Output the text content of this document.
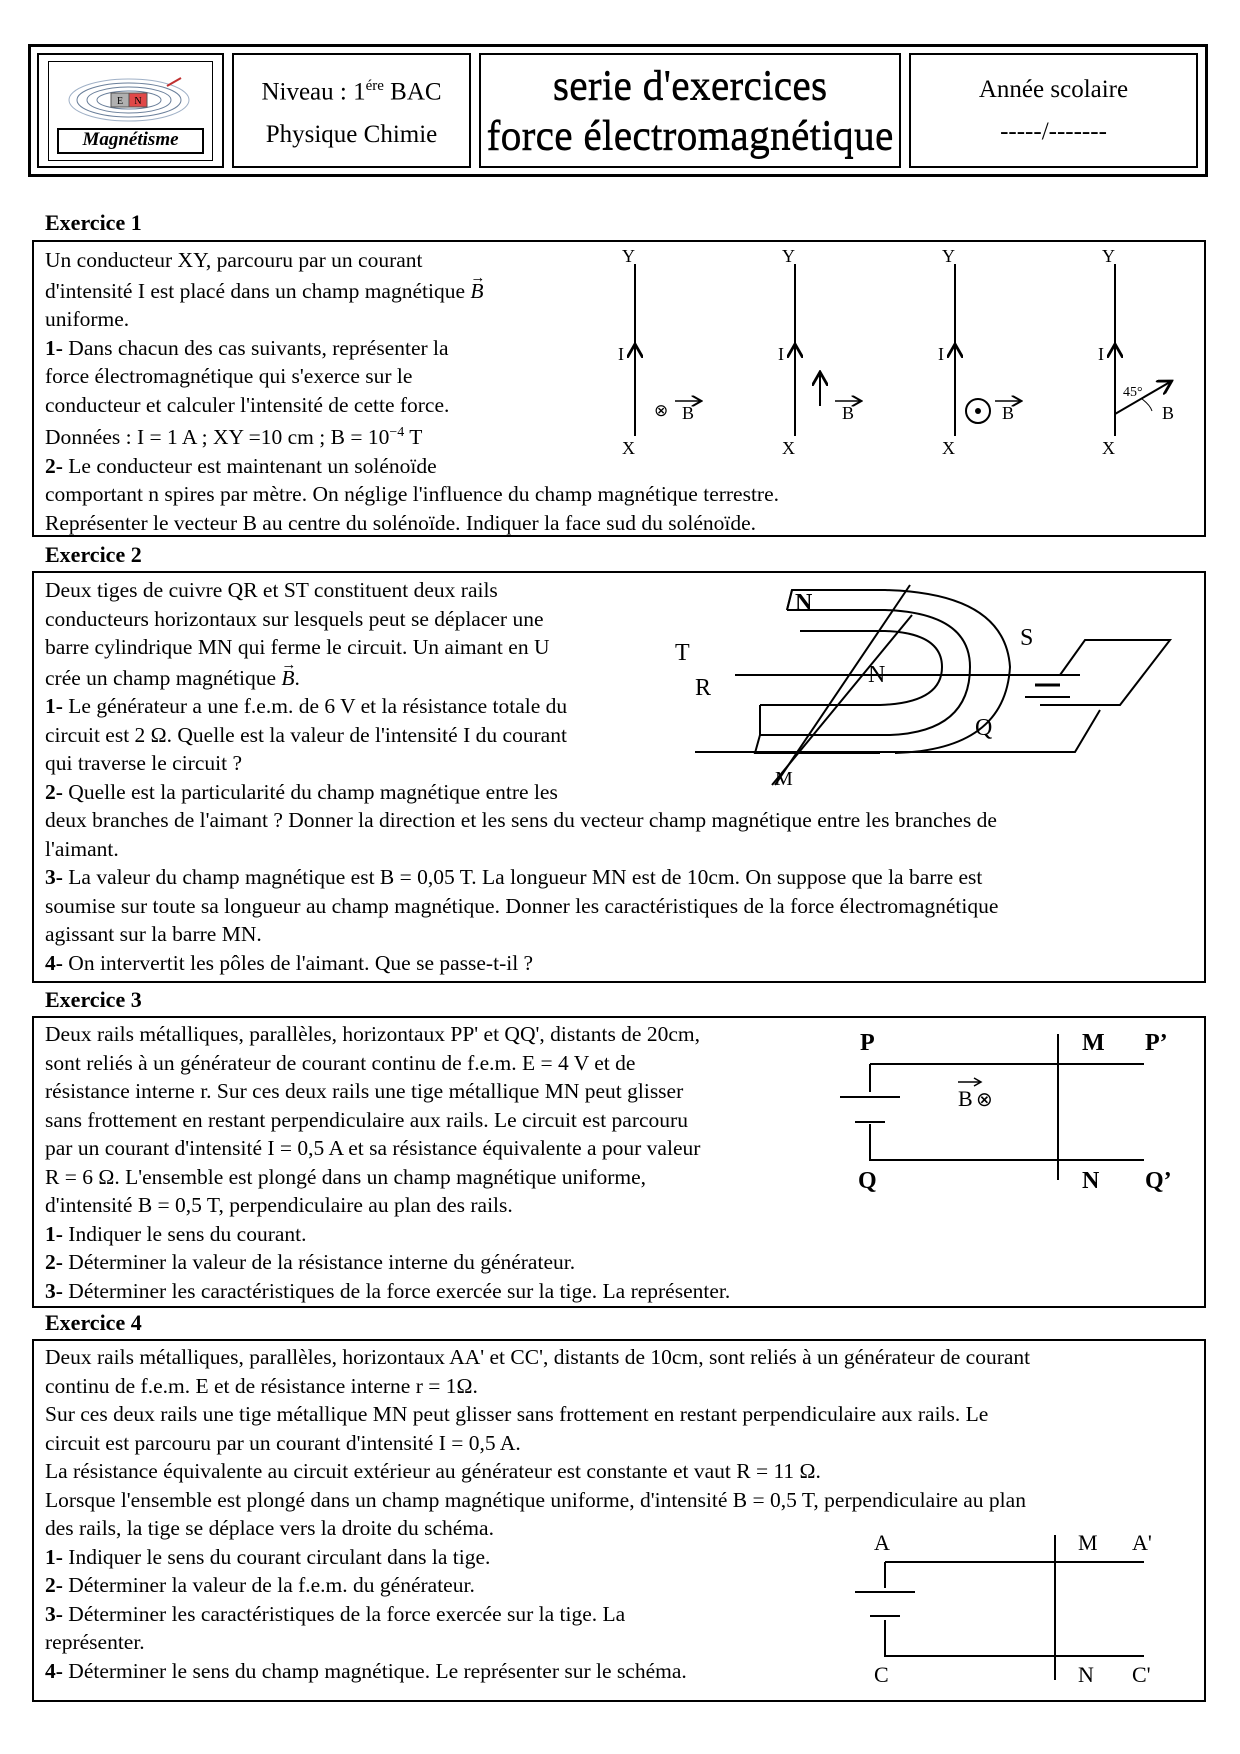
E N
Magnétisme
Niveau : $1^{ére}$ BAC
Physique Chimie
serie d'exercices
force électromagnétique
Année scolaire
-----/-------
Exercice 1
Un conducteur XY, parcouru par un courant
d'intensité I est placé dans un champ magnétique → B
uniforme.
1- Dans chacun des cas suivants, représenter la
force électromagnétique qui s'exerce sur le
conducteur et calculer l'intensité de cette force.
Données : I = 1 A ; XY =10 cm ; $B = 10^{-4}$ T
2- Le conducteur est maintenant un solénoïde
comportant n spires par mètre. On néglige l'influence du champ magnétique terrestre.
Représenter le vecteur B au centre du solénoïde. Indiquer la face sud du solénoïde.
Y	Y	Y	Y
X	X	X	X
I	I	I	I
⊗ B	B	B	B
45°
Exercice 2
Deux tiges de cuivre QR et ST constituent deux rails
conducteurs horizontaux sur lesquels peut se déplacer une
barre cylindrique MN qui ferme le circuit. Un aimant en U
crée un champ magnétique → B.
1- Le générateur a une f.e.m. de 6 V et la résistance totale du
circuit est 2 Ω. Quelle est la valeur de l'intensité I du courant
qui traverse le circuit ?
2- Quelle est la particularité du champ magnétique entre les
deux branches de l'aimant ? Donner la direction et les sens du vecteur champ magnétique entre les branches de
l'aimant.
3- La valeur du champ magnétique est B = 0,05 T. La longueur MN est de 10cm. On suppose que la barre est
soumise sur toute sa longueur au champ magnétique. Donner les caractéristiques de la force électromagnétique
agissant sur la barre MN.
4- On intervertit les pôles de l'aimant. Que se passe-t-il ?
R
S
T
N
N
Q
M
Exercice 3
Deux rails métalliques, parallèles, horizontaux PP' et QQ', distants de 20cm,
sont reliés à un générateur de courant continu de f.e.m. E = 4 V et de
résistance interne r. Sur ces deux rails une tige métallique MN peut glisser
sans frottement en restant perpendiculaire aux rails. Le circuit est parcouru
par un courant d'intensité I = 0,5 A et sa résistance équivalente a pour valeur
R = 6 Ω. L'ensemble est plongé dans un champ magnétique uniforme,
d'intensité B = 0,5 T, perpendiculaire au plan des rails.
1- Indiquer le sens du courant.
2- Déterminer la valeur de la résistance interne du générateur.
3- Déterminer les caractéristiques de la force exercée sur la tige. La représenter.
P	M P’
Q	N Q’
B ⊗
Exercice 4
Deux rails métalliques, parallèles, horizontaux AA' et CC', distants de 10cm, sont reliés à un générateur de courant
continu de f.e.m. E et de résistance interne r = 1Ω.
Sur ces deux rails une tige métallique MN peut glisser sans frottement en restant perpendiculaire aux rails. Le
circuit est parcouru par un courant d'intensité I = 0,5 A.
La résistance équivalente au circuit extérieur au générateur est constante et vaut R = 11 Ω.
Lorsque l'ensemble est plongé dans un champ magnétique uniforme, d'intensité B = 0,5 T, perpendiculaire au plan
des rails, la tige se déplace vers la droite du schéma.
1- Indiquer le sens du courant circulant dans la tige.
2- Déterminer la valeur de la f.e.m. du générateur.
3- Déterminer les caractéristiques de la force exercée sur la tige. La
représenter.
4- Déterminer le sens du champ magnétique. Le représenter sur le schéma.
A	M A'
C	N C'
